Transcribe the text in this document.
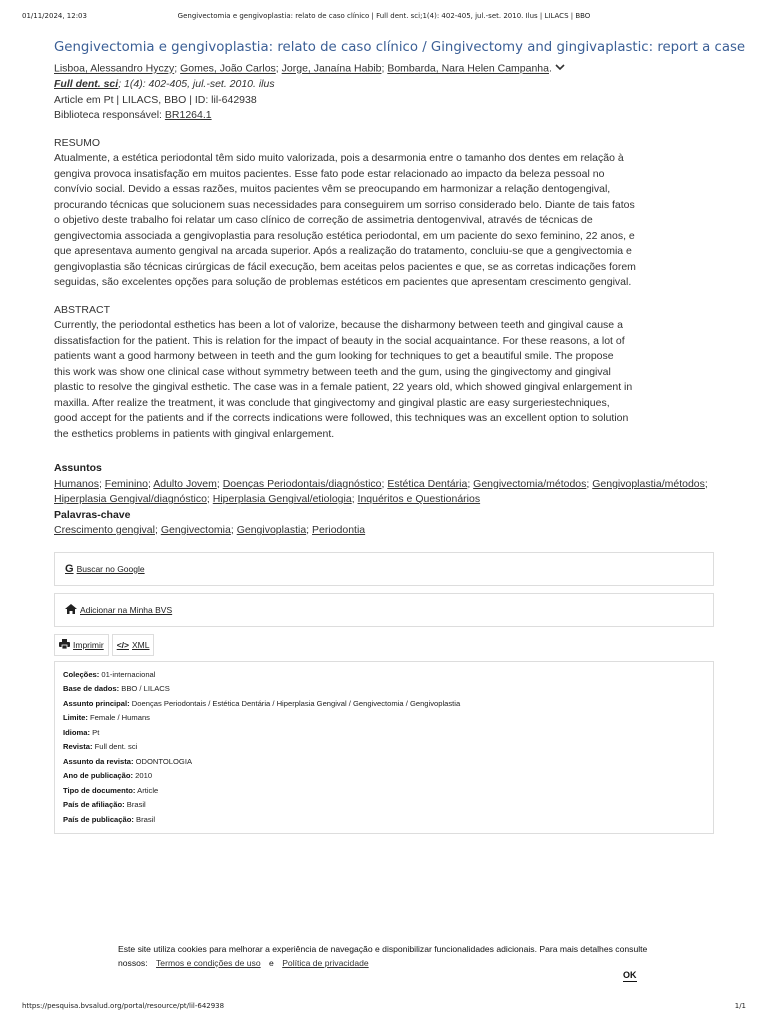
01/11/2024, 12:03	Gengivectomia e gengivoplastia: relato de caso clínico | Full dent. sci;1(4): 402-405, jul.-set. 2010. Ilus | LILACS | BBO
Gengivectomia e gengivoplastia: relato de caso clínico / Gingivectomy and gingivaplastic: report a case
Lisboa, Alessandro Hyczy; Gomes, João Carlos; Jorge, Janaína Habib; Bombarda, Nara Helen Campanha.
Full dent. sci; 1(4): 402-405, jul.-set. 2010. ilus
Article em Pt | LILACS, BBO | ID: lil-642938
Biblioteca responsável: BR1264.1
RESUMO
Atualmente, a estética periodontal têm sido muito valorizada, pois a desarmonia entre o tamanho dos dentes em relação à
gengiva provoca insatisfação em muitos pacientes. Esse fato pode estar relacionado ao impacto da beleza pessoal no
convívio social. Devido a essas razões, muitos pacientes vêm se preocupando em harmonizar a relação dentogengival,
procurando técnicas que solucionem suas necessidades para conseguirem um sorriso considerado belo. Diante de tais fatos
o objetivo deste trabalho foi relatar um caso clínico de correção de assimetria dentogenvival, através de técnicas de
gengivectomia associada a gengivoplastia para resolução estética periodontal, em um paciente do sexo feminino, 22 anos, e
que apresentava aumento gengival na arcada superior. Após a realização do tratamento, concluiu-se que a gengivectomia e
gengivoplastia são técnicas cirúrgicas de fácil execução, bem aceitas pelos pacientes e que, se as corretas indicações forem
seguidas, são excelentes opções para solução de problemas estéticos em pacientes que apresentam crescimento gengival.
ABSTRACT
Currently, the periodontal esthetics has been a lot of valorize, because the disharmony between teeth and gingival cause a
dissatisfaction for the patient. This is relation for the impact of beauty in the social acquaintance. For these reasons, a lot of
patients want a good harmony between in teeth and the gum looking for techniques to get a beautiful smile. The propose
this work was show one clinical case without symmetry between teeth and the gum, using the gingivectomy and gingival
plastic to resolve the gingival esthetic. The case was in a female patient, 22 years old, which showed gingival enlargement in
maxilla. After realize the treatment, it was conclude that gingivectomy and gingival plastic are easy surgeriestechniques,
good accept for the patients and if the corrects indications were followed, this techniques was an excellent option to solution
the esthetics problems in patients with gingival enlargement.
Assuntos
Humanos; Feminino; Adulto Jovem; Doenças Periodontais/diagnóstico; Estética Dentária; Gengivectomia/métodos; Gengivoplastia/métodos;
Hiperplasia Gengival/diagnóstico; Hiperplasia Gengival/etiologia; Inquéritos e Questionários
Palavras-chave
Crescimento gengival; Gengivectomia; Gengivoplastia; Periodontia
G Buscar no Google
Adicionar na Minha BVS
Imprimir </> XML
Coleções: 01-internacional
Base de dados: BBO / LILACS
Assunto principal: Doenças Periodontais / Estética Dentária / Hiperplasia Gengival / Gengivectomia / Gengivoplastia
Limite: Female / Humans
Idioma: Pt
Revista: Full dent. sci
Assunto da revista: ODONTOLOGIA
Ano de publicação: 2010
Tipo de documento: Article
País de afiliação: Brasil
País de publicação: Brasil
Este site utiliza cookies para melhorar a experiência de navegação e disponibilizar funcionalidades adicionais. Para mais detalhes consulte nossos: Termos e condições de uso e Política de privacidade
OK
https://pesquisa.bvsalud.org/portal/resource/pt/lil-642938	1/1
